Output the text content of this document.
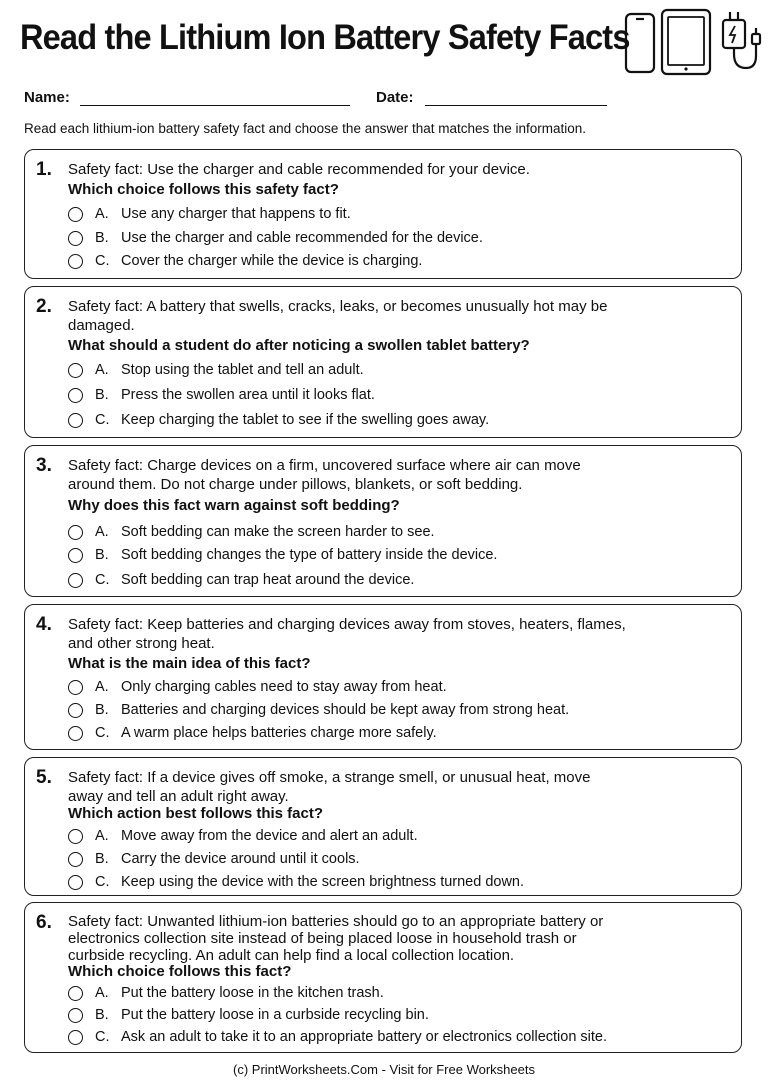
Read the Lithium Ion Battery Safety Facts
Name:	Date:
Read each lithium-ion battery safety fact and choose the answer that matches the information.
1. Safety fact: Use the charger and cable recommended for your device.
Which choice follows this safety fact?
A. Use any charger that happens to fit.
B. Use the charger and cable recommended for the device.
C. Cover the charger while the device is charging.
2. Safety fact: A battery that swells, cracks, leaks, or becomes unusually hot may be damaged.
What should a student do after noticing a swollen tablet battery?
A. Stop using the tablet and tell an adult.
B. Press the swollen area until it looks flat.
C. Keep charging the tablet to see if the swelling goes away.
3. Safety fact: Charge devices on a firm, uncovered surface where air can move around them. Do not charge under pillows, blankets, or soft bedding.
Why does this fact warn against soft bedding?
A. Soft bedding can make the screen harder to see.
B. Soft bedding changes the type of battery inside the device.
C. Soft bedding can trap heat around the device.
4. Safety fact: Keep batteries and charging devices away from stoves, heaters, flames, and other strong heat.
What is the main idea of this fact?
A. Only charging cables need to stay away from heat.
B. Batteries and charging devices should be kept away from strong heat.
C. A warm place helps batteries charge more safely.
5. Safety fact: If a device gives off smoke, a strange smell, or unusual heat, move away and tell an adult right away.
Which action best follows this fact?
A. Move away from the device and alert an adult.
B. Carry the device around until it cools.
C. Keep using the device with the screen brightness turned down.
6. Safety fact: Unwanted lithium-ion batteries should go to an appropriate battery or electronics collection site instead of being placed loose in household trash or curbside recycling. An adult can help find a local collection location.
Which choice follows this fact?
A. Put the battery loose in the kitchen trash.
B. Put the battery loose in a curbside recycling bin.
C. Ask an adult to take it to an appropriate battery or electronics collection site.
(c) PrintWorksheets.Com - Visit for Free Worksheets
